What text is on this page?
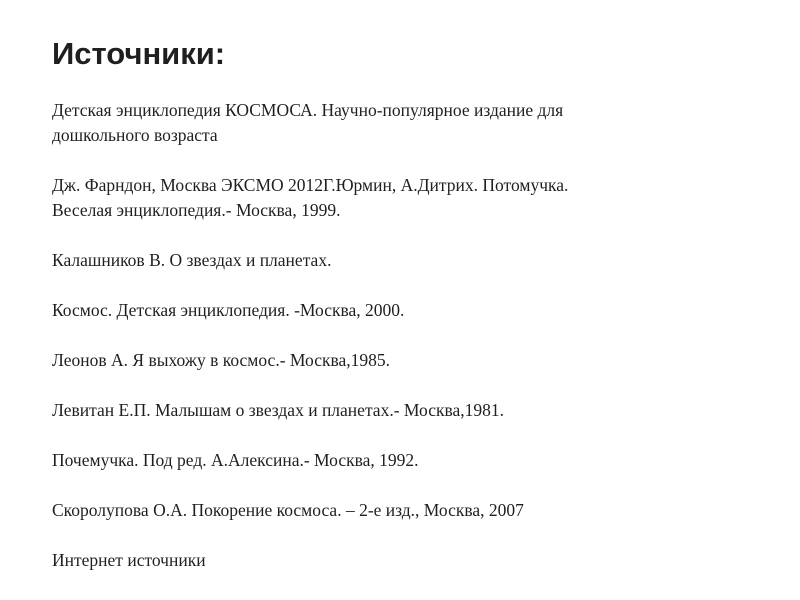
Источники:
Детская энциклопедия КОСМОСА. Научно-популярное издание для
дошкольного возраста
Дж. Фарндон, Москва ЭКСМО 2012Г.Юрмин, А.Дитрих. Потомучка.
Веселая энциклопедия.- Москва, 1999.
Калашников В. О звездах и планетах.
Космос. Детская энциклопедия. -Москва, 2000.
Леонов А. Я выхожу в космос.- Москва,1985.
Левитан Е.П. Малышам о звездах и планетах.- Москва,1981.
Почемучка. Под ред. А.Алексина.- Москва, 1992.
Скоролупова О.А. Покорение космоса. – 2-е изд., Москва, 2007
Интернет источники
